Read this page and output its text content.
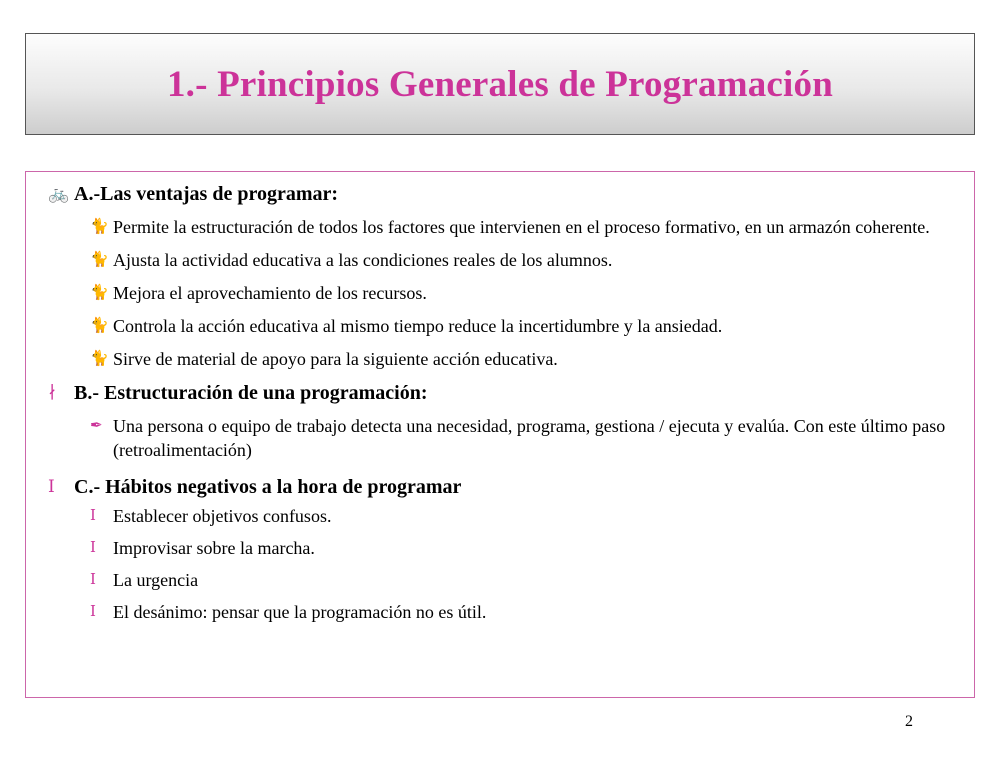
1.- Principios Generales de Programación
🚲 A.-Las ventajas de programar:
🐈 Permite la estructuración de todos los factores que intervienen en el proceso formativo, en un armazón coherente.
🐈 Ajusta la actividad educativa a las condiciones reales de los alumnos.
🐈 Mejora el aprovechamiento de los recursos.
🐈 Controla la acción educativa al mismo tiempo reduce la incertidumbre y la ansiedad.
🐈 Sirve de material de apoyo para la siguiente acción educativa.
∤ B.- Estructuración de una programación:
✒ Una persona o equipo de trabajo detecta una necesidad, programa, gestiona / ejecuta y evalúa. Con este último paso (retroalimentación)
Ⅰ C.- Hábitos negativos a la hora de programar
Ⅰ Establecer objetivos confusos.
Ⅰ Improvisar sobre la marcha.
Ⅰ La urgencia
Ⅰ El desánimo: pensar que la programación no es útil.
2
